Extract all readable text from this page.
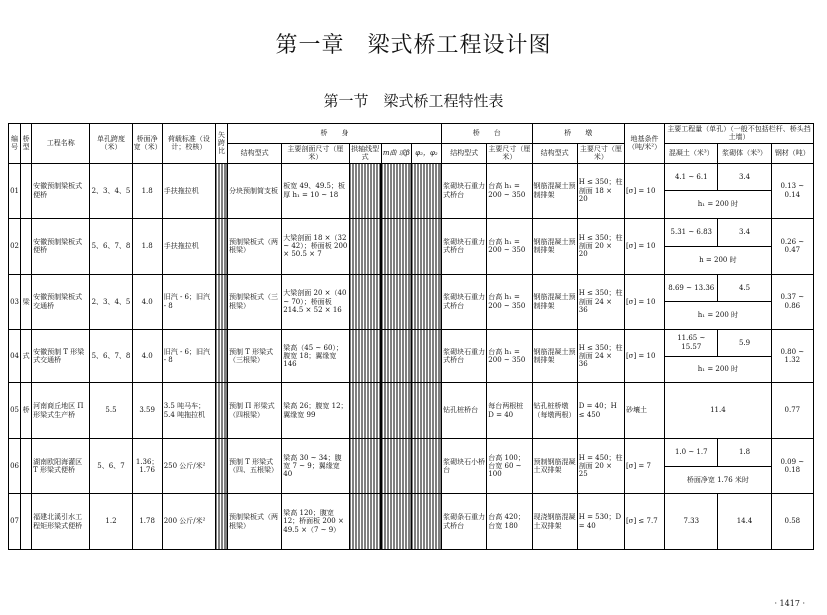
第一章　梁式桥工程设计图
第一节　梁式桥工程特性表
编号	桥型	工程名称	单孔跨度（米）	桥面净宽（米）	荷载标准（设计；校核）	矢跨比	桥　　身					桥　　台		桥　　墩		地基条件（吨/米²）	主要工程量（单孔）（一般不包括栏杆、桥头挡土墙）		
							结构型式	主要剖面尺寸（厘米）	拱轴线型式	m曲 或β	φ₂，φ₂	结构型式	主要尺寸（厘米）	结构型式	主要尺寸（厘米）		混凝土（米³）	浆砌体（米³）	钢材（吨）
01		安徽预制梁板式便桥	2、3、4、5	1.8	手扶拖拉机		分块预制简支板	板宽 49、49.5；板厚 h₁ = 10 ~ 18				浆砌块石重力式桥台	台高 h₁ = 200 ~ 350	钢筋混凝土预制排架	H ≤ 350；柱剖面 18 × 20	[σ] = 10	4.1 ~ 6.1	3.4	0.13 ~ 0.14
																	h₁ = 200 时		
02		安徽预制梁板式便桥	5、6、7、8	1.8	手扶拖拉机		预制梁板式（两根梁）	大梁剖面 18 ×（32 ~ 42）；桥面板 200 × 50.5 × 7				浆砌块石重力式桥台	台高 h₁ = 200 ~ 350	钢筋混凝土预制排架	H ≤ 350；柱剖面 20 × 20	[σ] = 10	5.31 ~ 6.83	3.4	0.26 ~ 0.47
																	h = 200 时		
03	梁	安徽预制梁板式交通桥	2、3、4、5	4.0	旧汽 - 6；旧汽 - 8		预制梁板式（三根梁）	大梁剖面 20 ×（40 ~ 70）；桥面板 214.5 × 52 × 16				浆砌块石重力式桥台	台高 h₁ = 200 ~ 350	钢筋混凝土预制排架	H ≤ 350；柱剖面 24 × 36	[σ] = 10	8.69 ~ 13.36	4.5	0.37 ~ 0.86
																	h₁ = 200 时		
04	式	安徽预制 T 形梁式交通桥	5、6、7、8	4.0	旧汽 - 6；旧汽 - 8		预制 T 形梁式（三根梁）	梁高（45 ~ 60）；腹宽 18；翼缘宽 146				浆砌块石重力式桥台	台高 h₁ = 200 ~ 350	钢筋混凝土预制排架	H ≤ 350；柱剖面 24 × 36	[σ] = 10	11.65 ~ 15.57	5.9	0.80 ~ 1.32
																	h₁ = 200 时		
05	桥	河南商丘地区 Π 形梁式生产桥	5.5	3.59	3.5 吨马车；5.4 吨拖拉机		预制 Π 形梁式（四根梁）	梁高 26；腹宽 12；翼缘宽 99				钻孔桩桥台	每台两根桩 D = 40	钻孔桩桥墩（每墩两根）	D = 40；H ≤ 450	砂壤土	11.4		0.77

06		湖南欧阳海灌区 T 形梁式便桥	5、6、7	1.36；1.76	250 公斤/米²		预制 T 形梁式（四、五根梁）	梁高 30 ~ 34；腹宽 7 ~ 9；翼缘宽 40				浆砌块石小桥台	台高 100；台宽 60 ~ 100	预制钢筋混凝土双排架	H = 450；柱剖面 20 × 25	[σ] = 7	1.0 ~ 1.7	1.8	0.09 ~ 0.18
																	桥面净宽 1.76 米时		
07		福建北溪引水工程矩形梁式便桥	1.2	1.78	200 公斤/米²		预制梁板式（两根梁）	梁高 120；腹宽 12；桥面板 200 × 49.5 ×（7 ~ 9）				浆砌条石重力式桥台	台高 420；台宽 180	现浇钢筋混凝土双排架	H = 530；D = 40	[σ] ≤ 7.7	7.33	14.4	0.58

· 1417 ·
